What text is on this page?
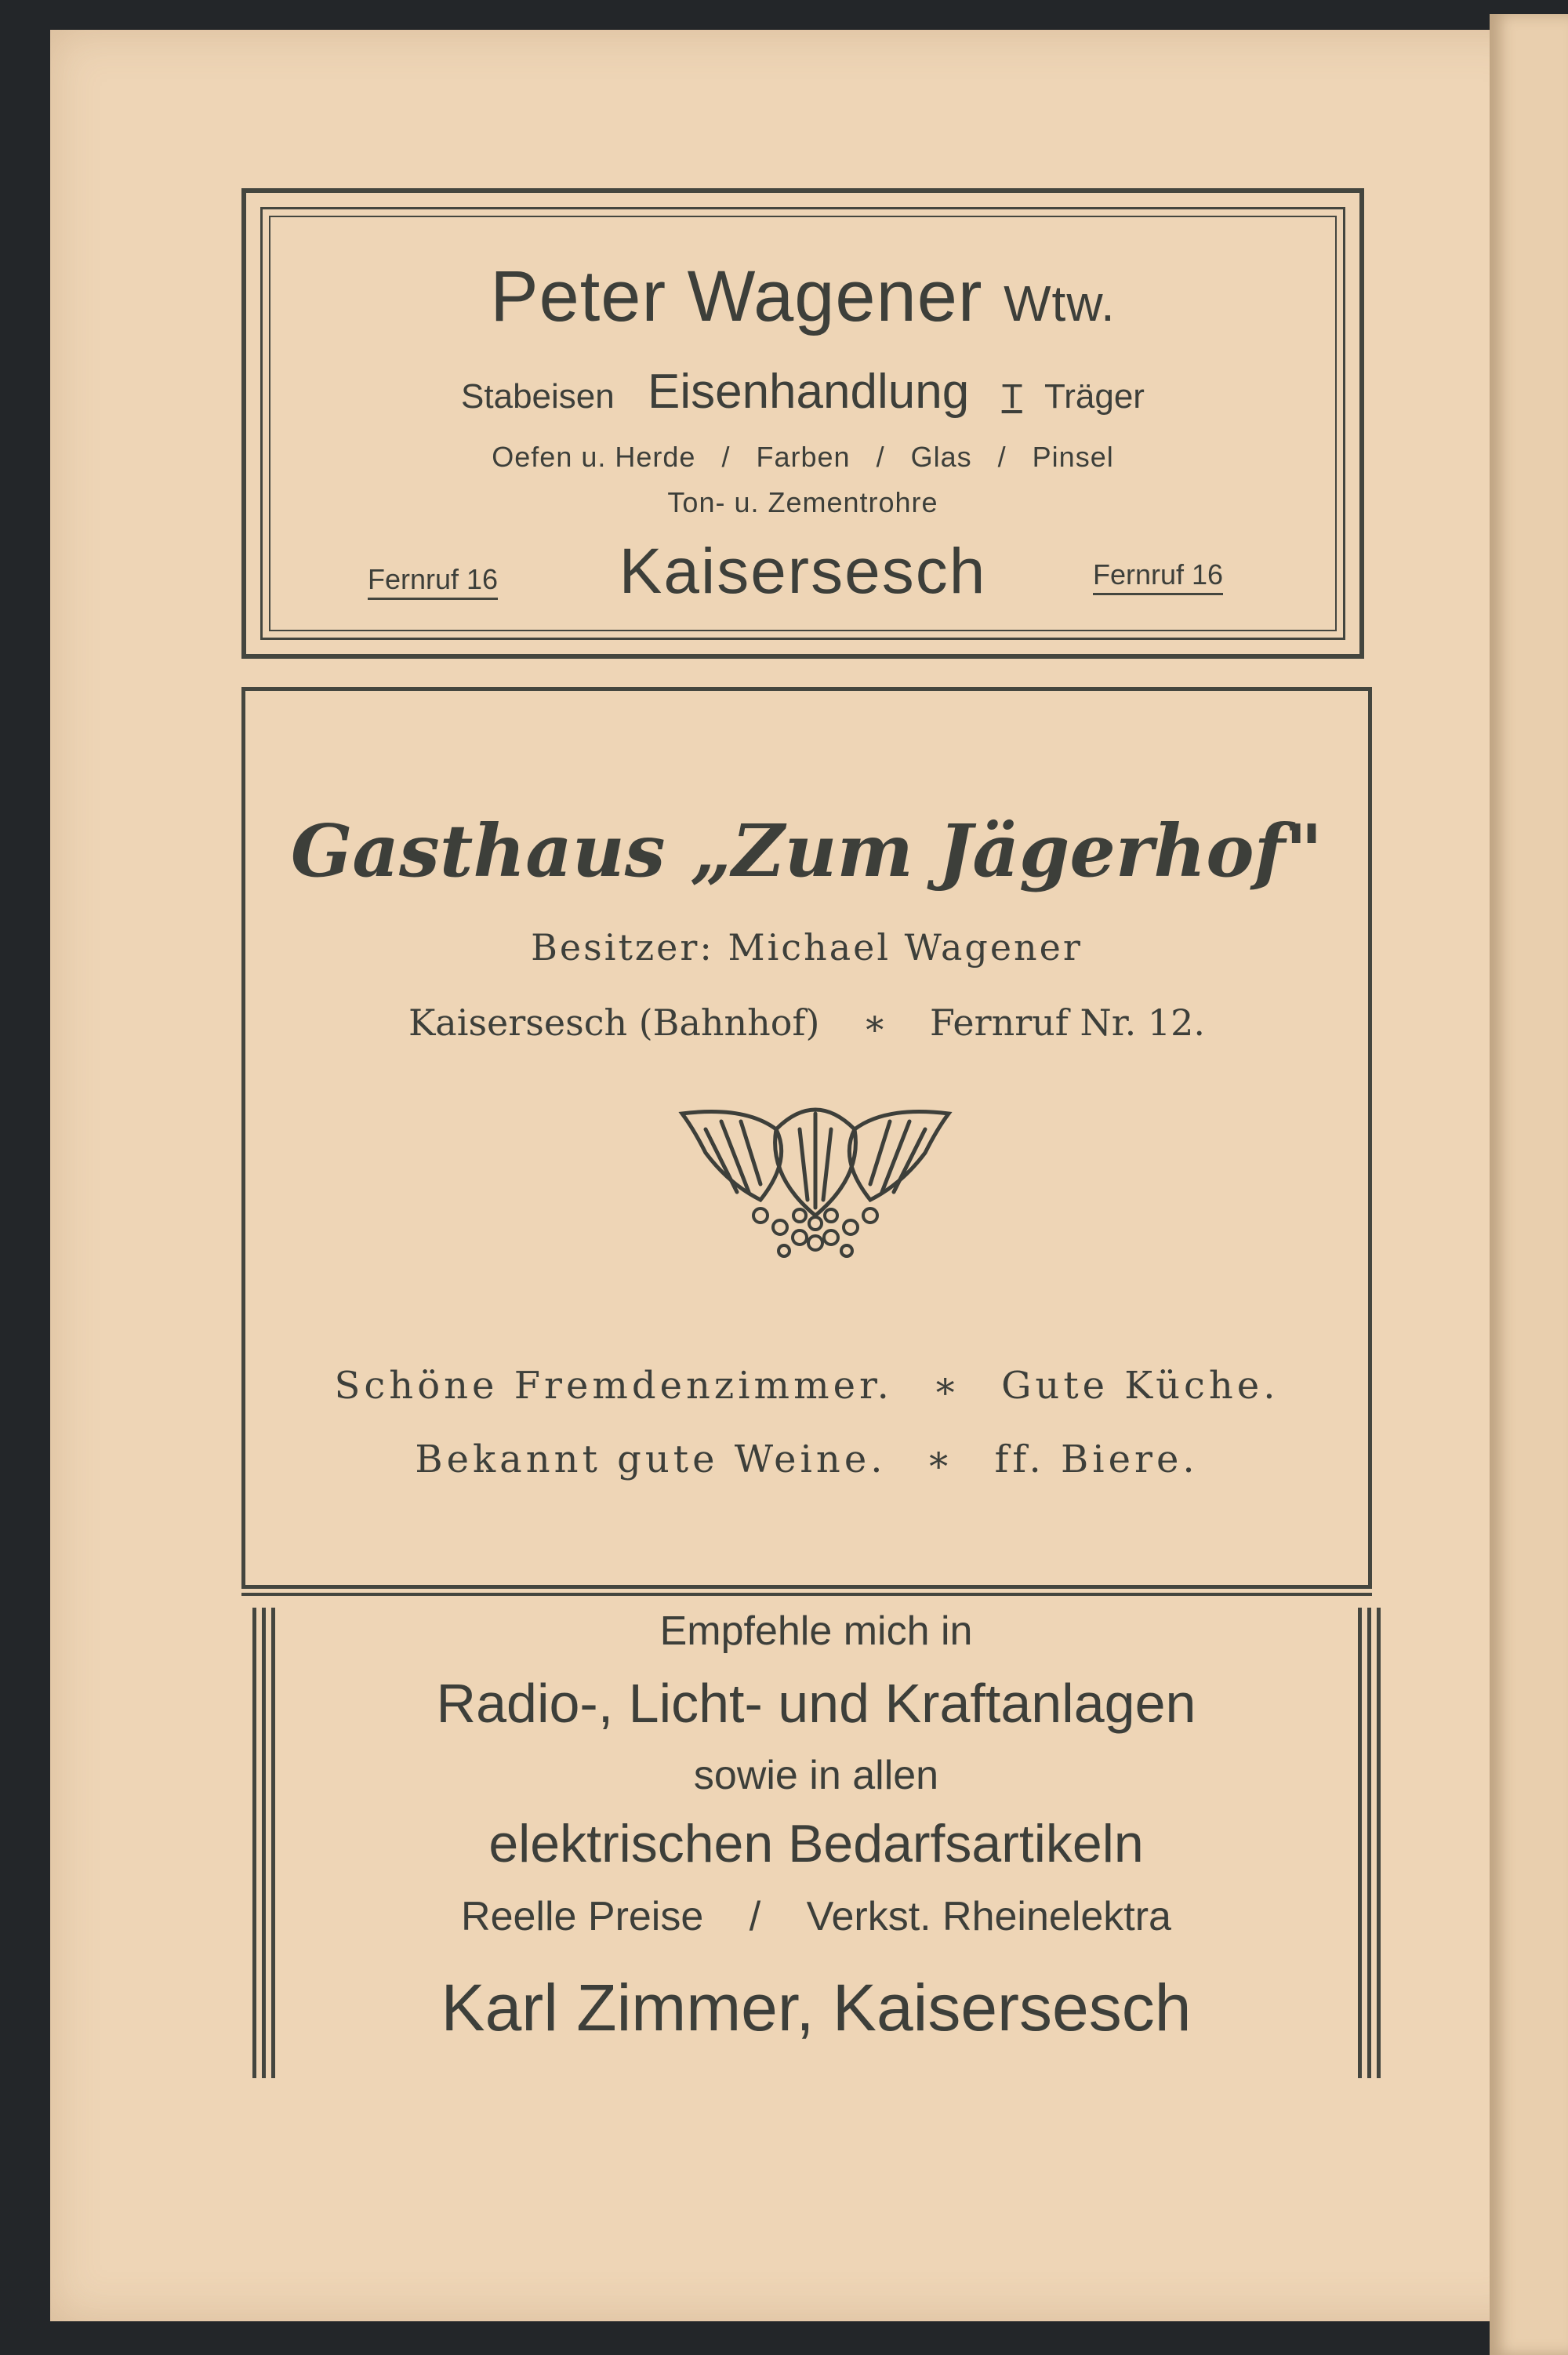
Peter Wagener Wtw.
Stabeisen Eisenhandlung T Träger
Oefen u. Herde / Farben / Glas / Pinsel
Ton- u. Zementrohre
Fernruf 16	Kaisersesch	Fernruf 16
Gasthaus „Zum Jägerhof"
Besitzer: Michael Wagener
Kaisersesch (Bahnhof) ∗ Fernruf Nr. 12.
Schöne Fremdenzimmer. ∗ Gute Küche.
Bekannt gute Weine. ∗ ff. Biere.
Empfehle mich in
Radio-, Licht- und Kraftanlagen
sowie in allen
elektrischen Bedarfsartikeln
Reelle Preise / Verkst. Rheinelektra
Karl Zimmer, Kaisersesch
